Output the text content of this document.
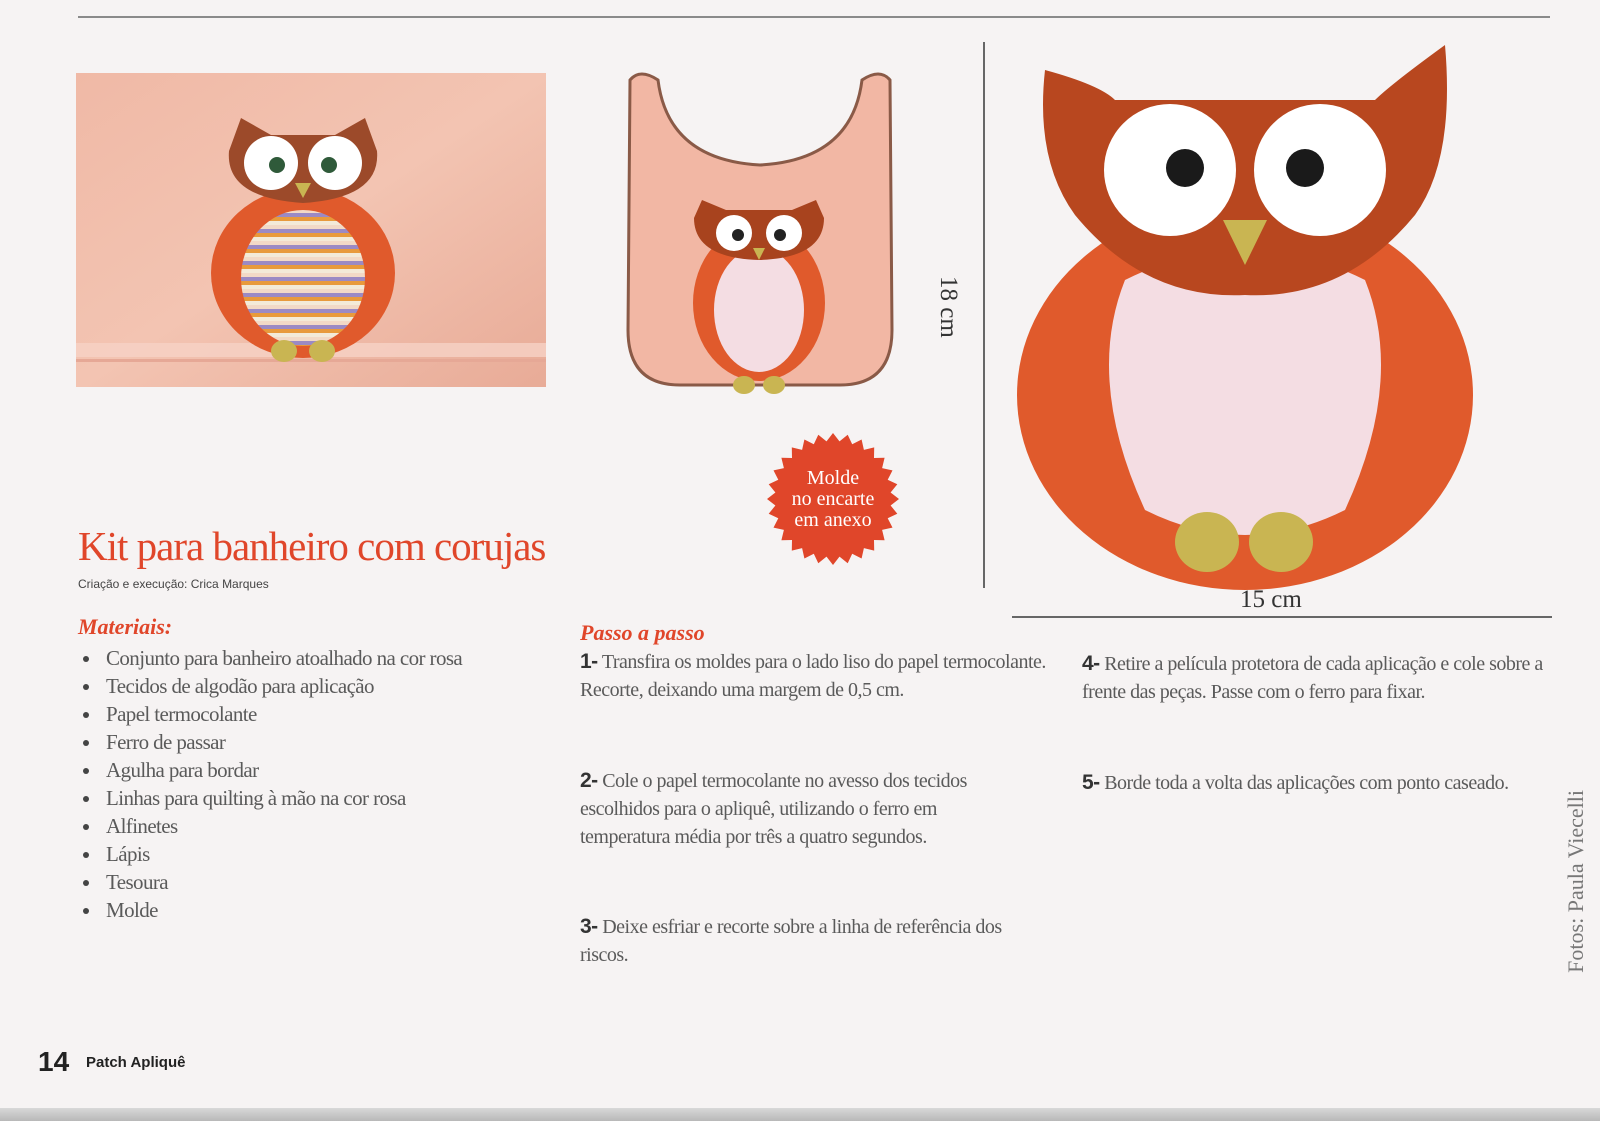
Molde
no encarte
em anexo
18 cm
15 cm
Kit para banheiro com corujas
Criação e execução: Crica Marques
Materiais:
Conjunto para banheiro atoalhado na cor rosa
Tecidos de algodão para aplicação
Papel termocolante
Ferro de passar
Agulha para bordar
Linhas para quilting à mão na cor rosa
Alfinetes
Lápis
Tesoura
Molde
Passo a passo
1- Transfira os moldes para o lado liso do papel termocolante. Recorte, deixando uma margem de 0,5 cm.
2- Cole o papel termocolante no avesso dos tecidos escolhidos para o apliquê, utilizando o ferro em temperatura média por três a quatro segundos.
3- Deixe esfriar e recorte sobre a linha de referência dos riscos.
4- Retire a película protetora de cada aplicação e cole sobre a frente das peças. Passe com o ferro para fixar.
5- Borde toda a volta das aplicações com ponto caseado.
14 Patch Apliquê
Fotos: Paula Viecelli
